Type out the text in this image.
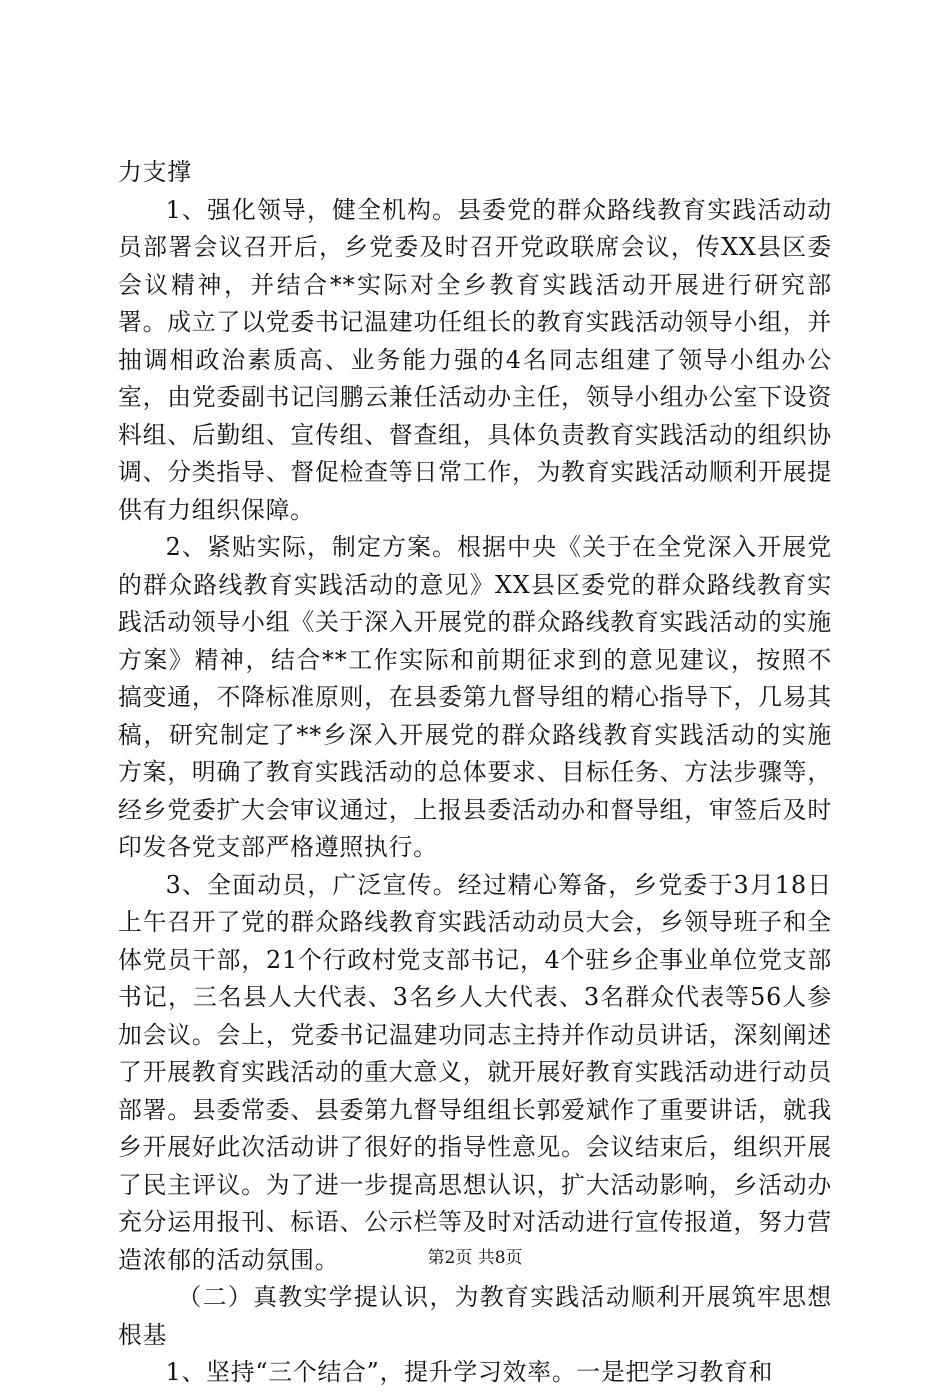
力支撑

1、强化领导，健全机构。县委党的群众路线教育实践活动动员部署会议召开后，乡党委及时召开党政联席会议，传XX县区委会议精神，并结合**实际对全乡教育实践活动开展进行研究部署。成立了以党委书记温建功任组长的教育实践活动领导小组，并抽调相政治素质高、业务能力强的4名同志组建了领导小组办公室，由党委副书记闫鹏云兼任活动办主任，领导小组办公室下设资料组、后勤组、宣传组、督查组，具体负责教育实践活动的组织协调、分类指导、督促检查等日常工作，为教育实践活动顺利开展提供有力组织保障。

2、紧贴实际，制定方案。根据中央《关于在全党深入开展党的群众路线教育实践活动的意见》XX县区委党的群众路线教育实践活动领导小组《关于深入开展党的群众路线教育实践活动的实施方案》精神，结合**工作实际和前期征求到的意见建议，按照不搞变通，不降标准原则，在县委第九督导组的精心指导下，几易其稿，研究制定了**乡深入开展党的群众路线教育实践活动的实施方案，明确了教育实践活动的总体要求、目标任务、方法步骤等，经乡党委扩大会审议通过，上报县委活动办和督导组，审签后及时印发各党支部严格遵照执行。

3、全面动员，广泛宣传。经过精心筹备，乡党委于3月18日上午召开了党的群众路线教育实践活动动员大会，乡领导班子和全体党员干部，21个行政村党支部书记，4个驻乡企事业单位党支部书记，三名县人大代表、3名乡人大代表、3名群众代表等56人参加会议。会上，党委书记温建功同志主持并作动员讲话，深刻阐述了开展教育实践活动的重大意义，就开展好教育实践活动进行动员部署。县委常委、县委第九督导组组长郭爱斌作了重要讲话，就我乡开展好此次活动讲了很好的指导性意见。会议结束后，组织开展了民主评议。为了进一步提高思想认识，扩大活动影响，乡活动办充分运用报刊、标语、公示栏等及时对活动进行宣传报道，努力营造浓郁的活动氛围。

（二）真教实学提认识，为教育实践活动顺利开展筑牢思想根基

1、坚持“三个结合”，提升学习效率。一是把学习教育和

第2页 共8页
